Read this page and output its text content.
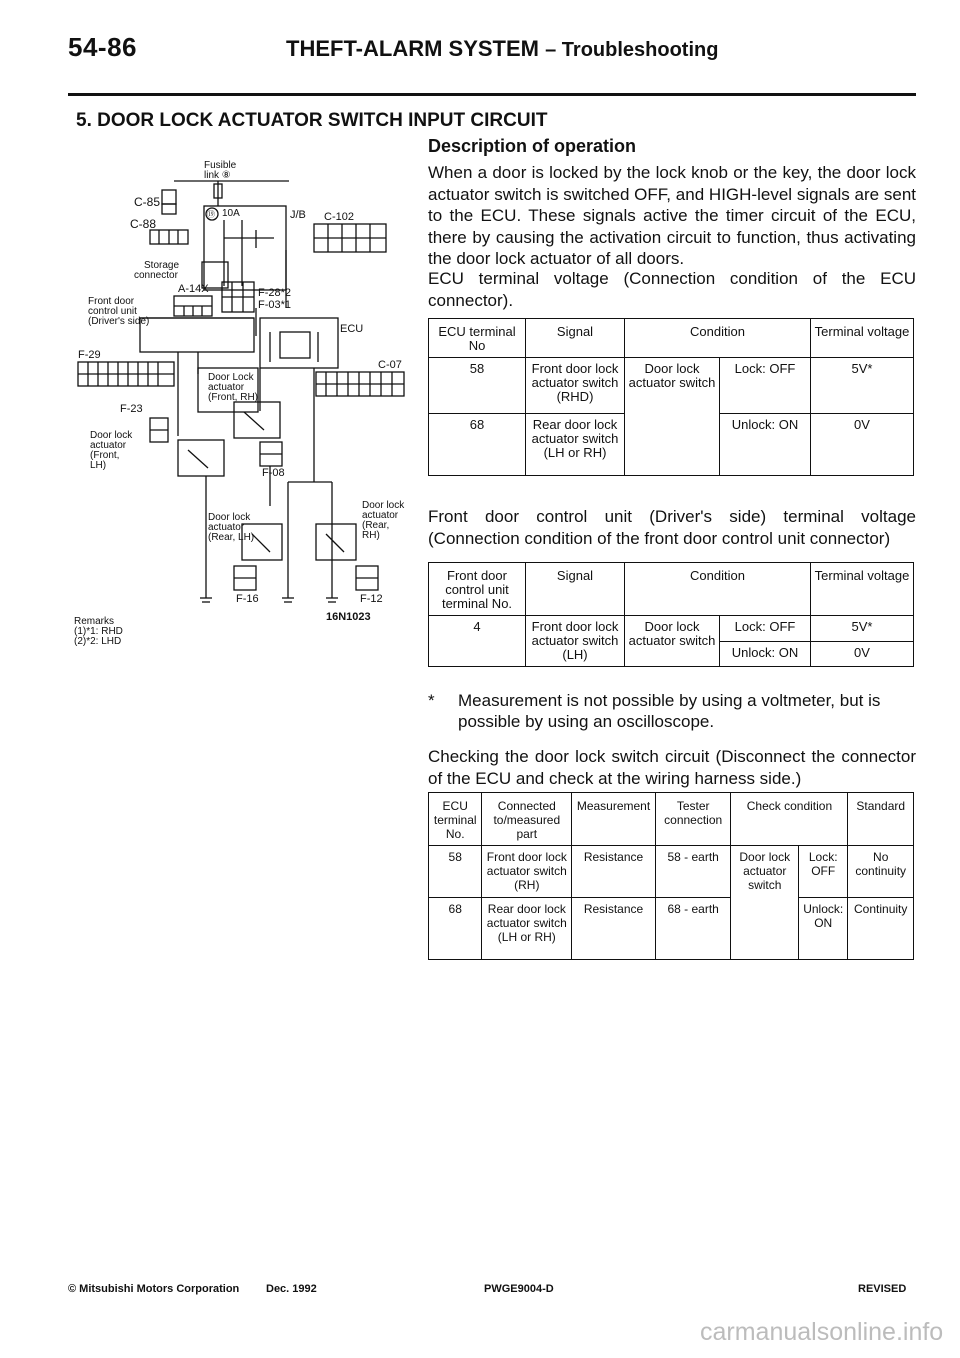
54-86	THEFT-ALARM SYSTEM – Troubleshooting
5. DOOR LOCK ACTUATOR SWITCH INPUT CIRCUIT
Fusible
link ⑧
C-85
C-88
J/B C-102
⑲ 10A
Storage
connector
A-14X
Front door
control unit
(Driver's side)
F-28*2
F-03*1
ECU
F-29
C-07
Door Lock
actuator
(Front, RH)
F-23
Door lock
actuator
(Front,
LH)
F-08
Door lock
actuator
(Rear, LH)
Door lock
actuator
(Rear,
RH)
F-16	F-12
16N1023
Remarks
(1)*1: RHD
(2)*2: LHD
Description of operation
When a door is locked by the lock knob or the key, the door lock actuator switch is switched OFF, and HIGH-level signals are sent to the ECU. These signals active the timer circuit of the ECU, there by causing the activation circuit to function, thus activating the door lock actuator of all doors.
ECU terminal voltage (Connection condition of the ECU connector).
ECU terminal No	Signal	Condition		Terminal voltage
58	Front door lock actuator switch (RHD)	Door lock actuator switch	Lock: OFF	5V*
68	Rear door lock actuator switch (LH or RH)		Unlock: ON	0V
Front door control unit (Driver's side) terminal voltage (Connection condition of the front door control unit connector)
Front door control unit terminal No.	Signal	Condition		Terminal voltage
4	Front door lock actuator switch (LH)	Door lock actuator switch	Lock: OFF	5V*
			Unlock: ON	0V
* Measurement is not possible by using a voltmeter, but is possible by using an oscilloscope.
Checking the door lock switch circuit (Disconnect the connector of the ECU and check at the wiring harness side.)
ECU terminal No.	Connected to/measured part	Measurement	Tester connection	Check condition		Standard
58	Front door lock actuator switch (RH)	Resistance	58 - earth	Door lock actuator switch	Lock: OFF	No continuity
68	Rear door lock actuator switch (LH or RH)	Resistance	68 - earth		Unlock: ON	Continuity
© Mitsubishi Motors Corporation Dec. 1992	PWGE9004-D	REVISED
carmanualsonline.info
